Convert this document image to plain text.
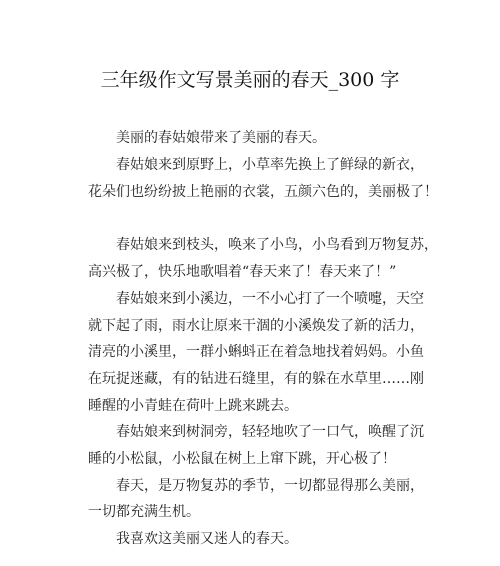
三年级作文写景美丽的春天_300 字
美丽的春姑娘带来了美丽的春天。
春姑娘来到原野上，小草率先换上了鲜绿的新衣，
花朵们也纷纷披上艳丽的衣裳，五颜六色的，美丽极了！
春姑娘来到枝头，唤来了小鸟，小鸟看到万物复苏，
高兴极了，快乐地歌唱着“春天来了！春天来了！”
春姑娘来到小溪边，一不小心打了一个喷嚏，天空
就下起了雨，雨水让原来干涸的小溪焕发了新的活力，
清亮的小溪里，一群小蝌蚪正在着急地找着妈妈。小鱼
在玩捉迷藏，有的钻进石缝里，有的躲在水草里……刚
睡醒的小青蛙在荷叶上跳来跳去。
春姑娘来到树洞旁，轻轻地吹了一口气，唤醒了沉
睡的小松鼠，小松鼠在树上上窜下跳，开心极了！
春天，是万物复苏的季节，一切都显得那么美丽，
一切都充满生机。
我喜欢这美丽又迷人的春天。
